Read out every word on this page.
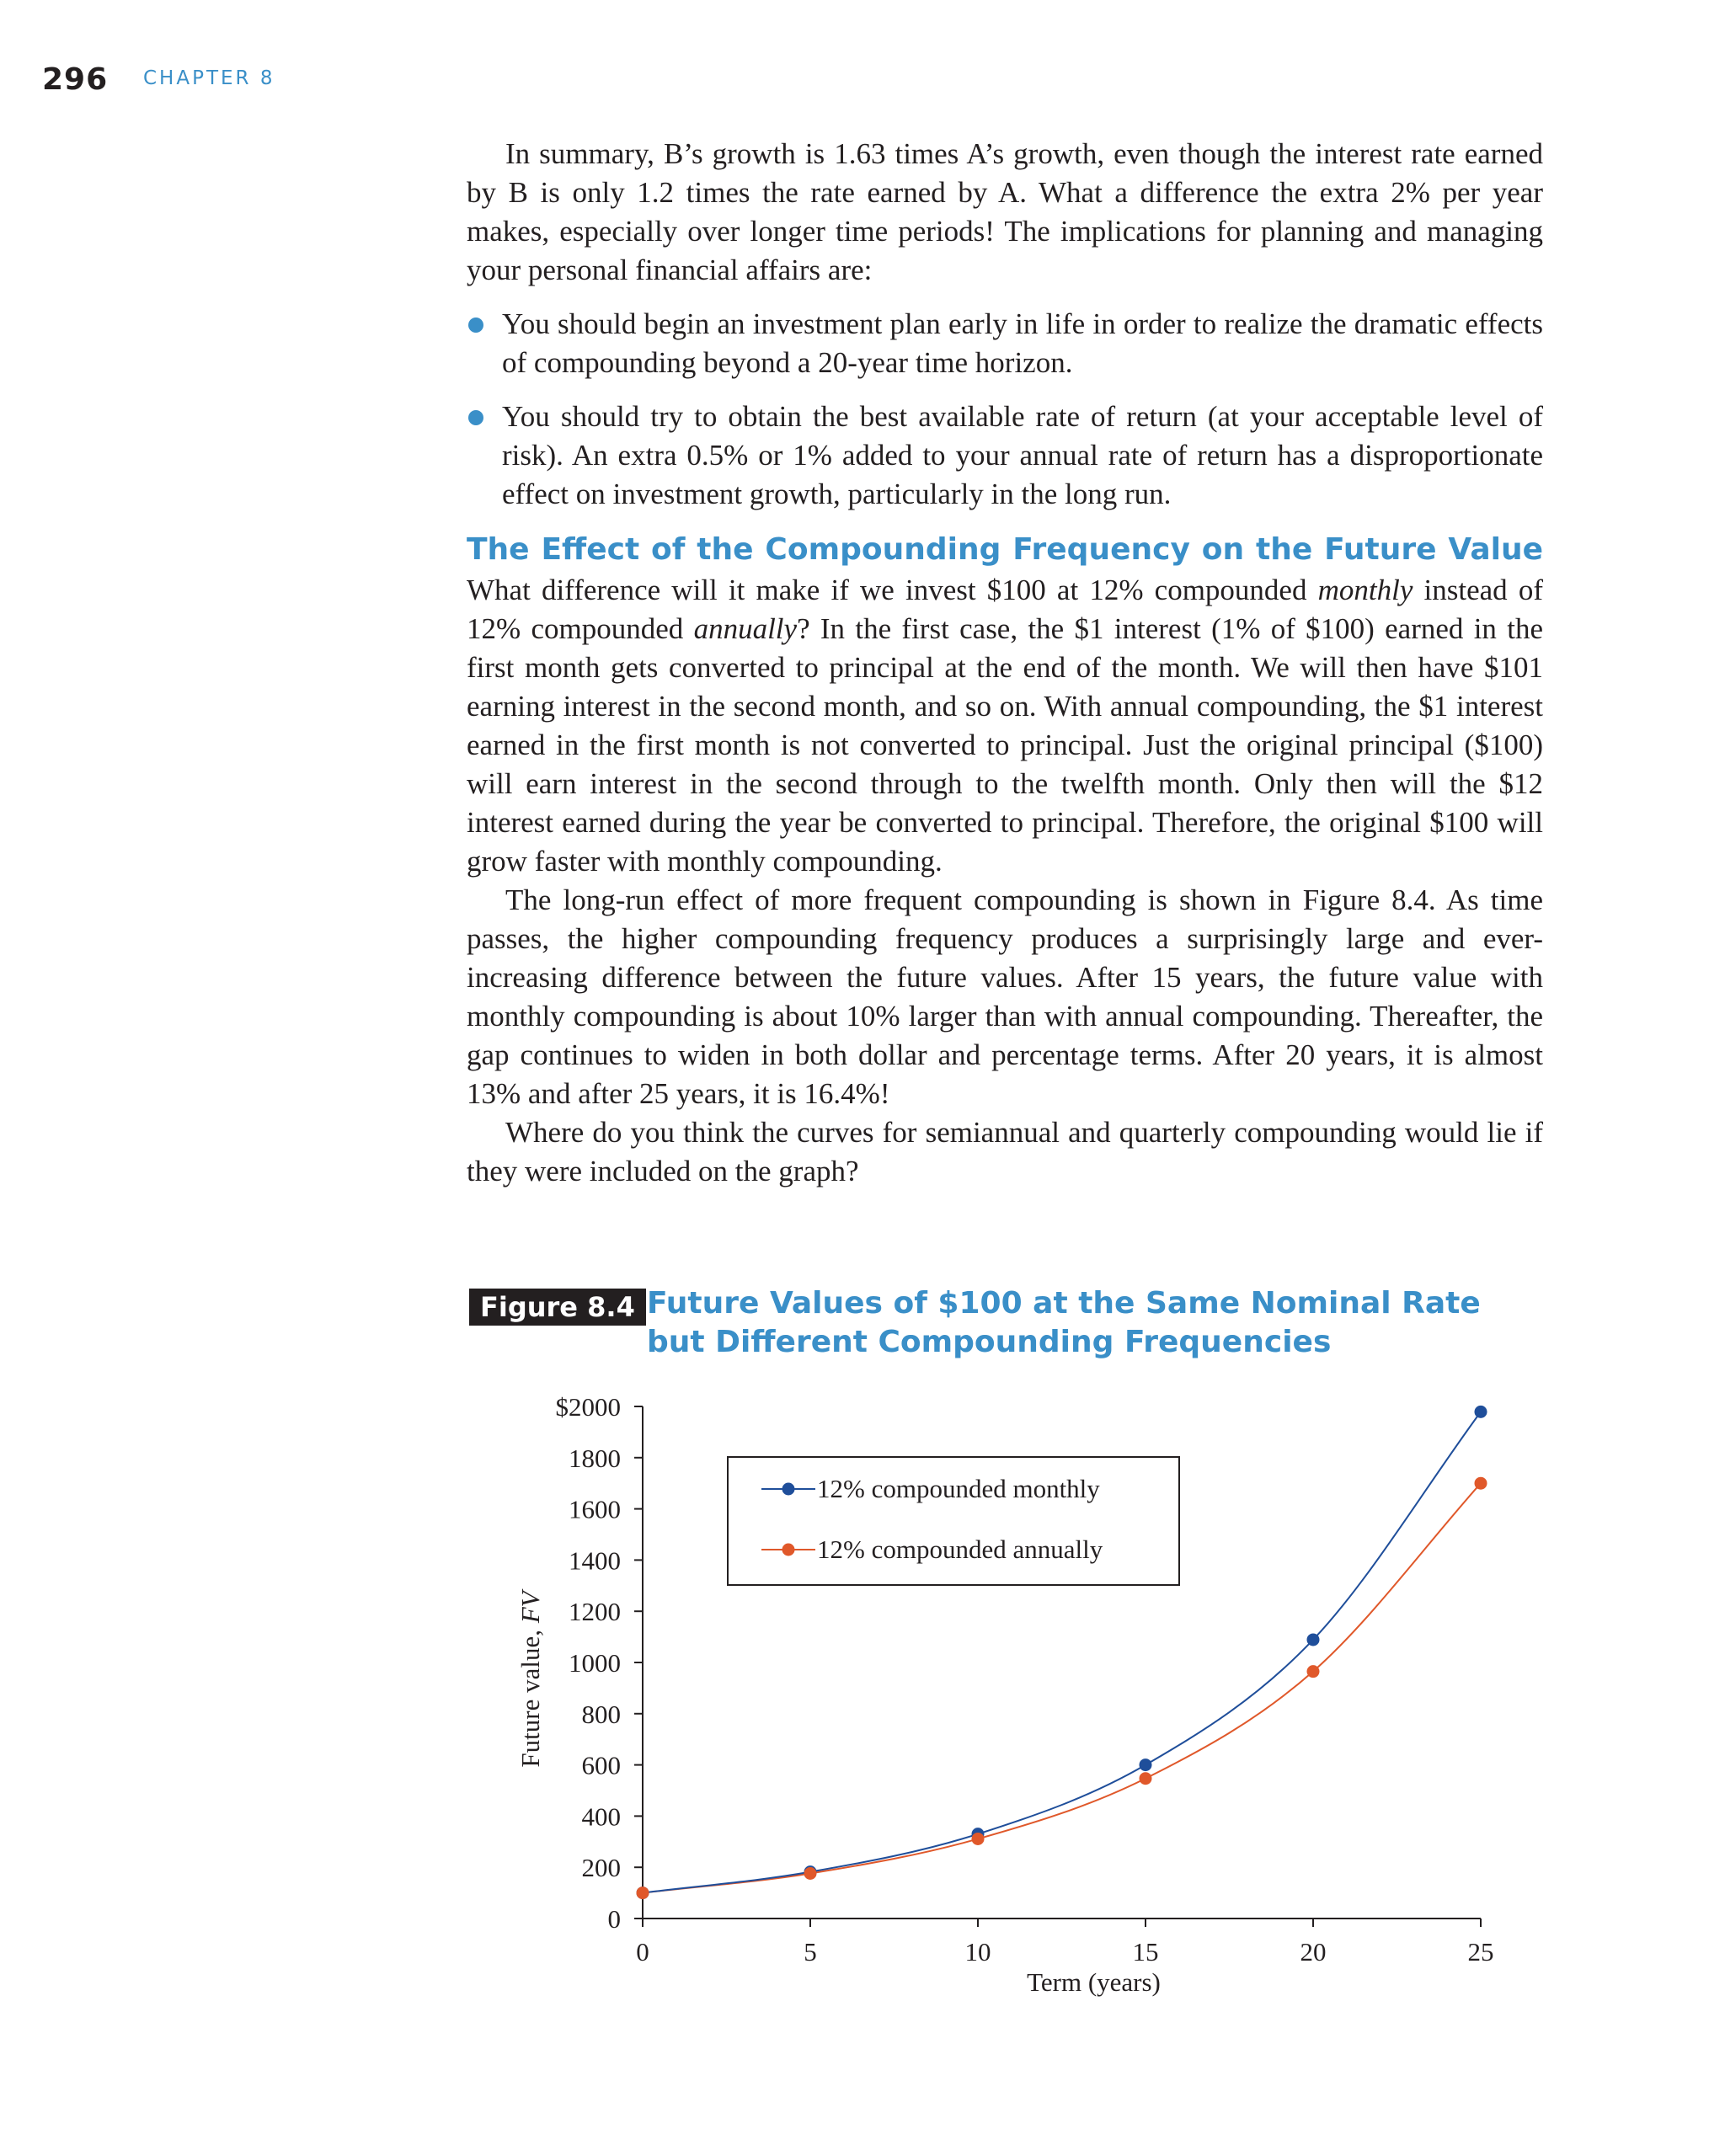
296 CHAPTER 8

In summary, B’s growth is 1.63 times A’s growth, even though the interest rate earned by B is only 1.2 times the rate earned by A. What a difference the extra 2% per year makes, especially over longer time periods! The implications for planning and managing your personal financial affairs are:

You should begin an investment plan early in life in order to realize the dramatic effects of compounding beyond a 20-year time horizon.
You should try to obtain the best available rate of return (at your acceptable level of risk). An extra 0.5% or 1% added to your annual rate of return has a disproportionate effect on investment growth, particularly in the long run.
The Effect of the Compounding Frequency on the Future Value

What difference will it make if we invest $100 at 12% compounded monthly instead of 12% compounded annually? In the first case, the $1 interest (1% of $100) earned in the first month gets converted to principal at the end of the month. We will then have $101 earning interest in the second month, and so on. With annual compounding, the $1 interest earned in the first month is not converted to principal. Just the original principal ($100) will earn interest in the second through to the twelfth month. Only then will the $12 interest earned during the year be converted to principal. Therefore, the original $100 will grow faster with monthly compounding.

The long-run effect of more frequent compounding is shown in Figure 8.4. As time passes, the higher compounding frequency produces a surprisingly large and ever-increasing difference between the future values. After 15 years, the future value with monthly compounding is about 10% larger than with annual compounding. Thereafter, the gap continues to widen in both dollar and percentage terms. After 20 years, it is almost 13% and after 25 years, it is 16.4%!

Where do you think the curves for semiannual and quarterly compounding would lie if they were included on the graph?

Figure 8.4 Future Values of $100 at the Same Nominal Rate but Different Compounding Frequencies
$2000
1800
1600
1400
1200
1000
800
600
400
200
0
0	5	10	15	20	25
Term (years)
Future value, FV
12% compounded monthly
12% compounded annually
